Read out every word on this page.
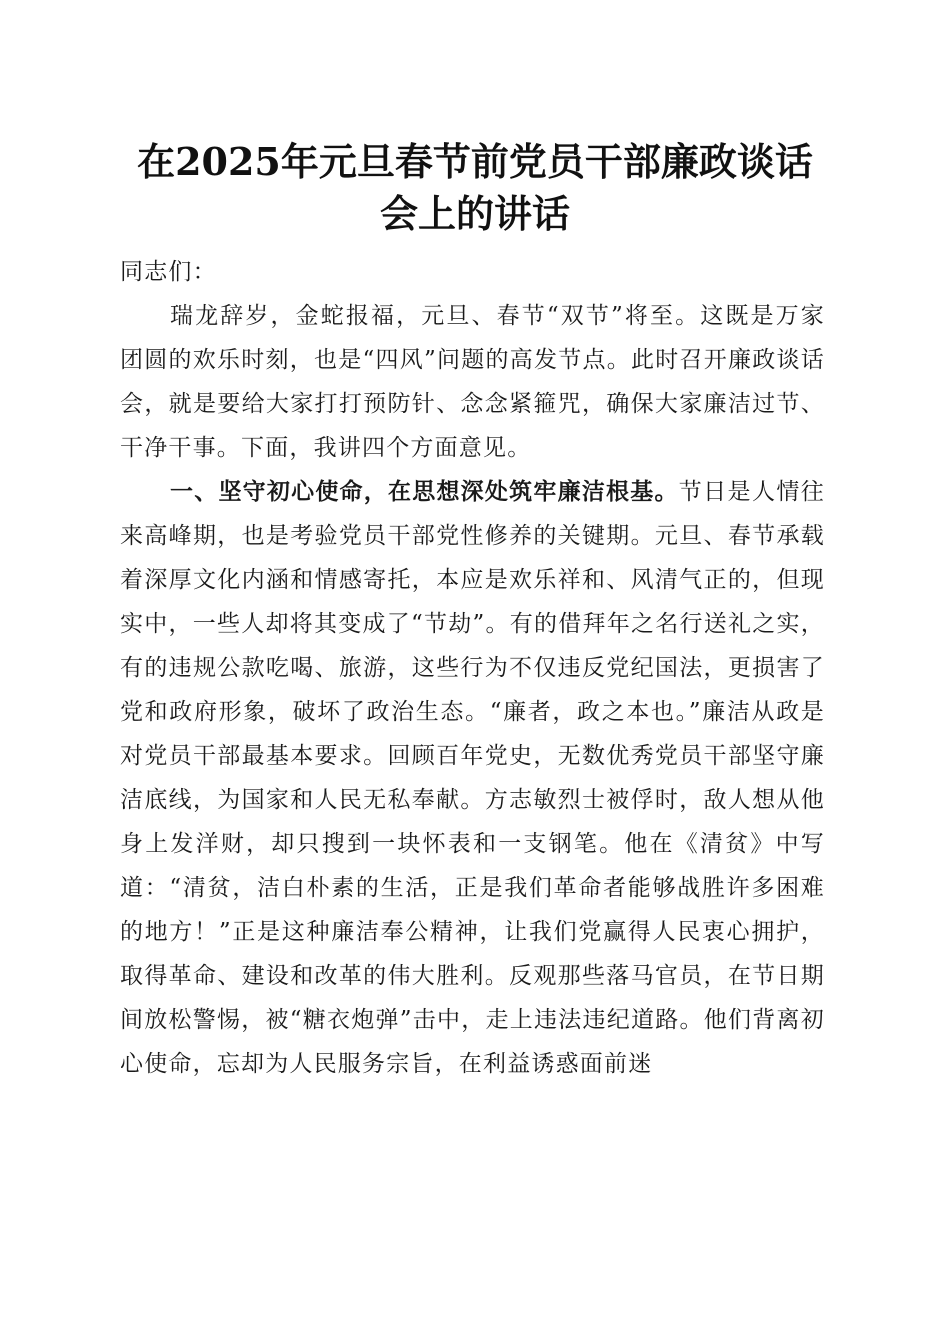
在2025年元旦春节前党员干部廉政谈话会上的讲话

同志们：

瑞龙辞岁，金蛇报福，元旦、春节“双节”将至。这既是万家团圆的欢乐时刻，也是“四风”问题的高发节点。此时召开廉政谈话会，就是要给大家打打预防针、念念紧箍咒，确保大家廉洁过节、干净干事。下面，我讲四个方面意见。

一、坚守初心使命，在思想深处筑牢廉洁根基。节日是人情往来高峰期，也是考验党员干部党性修养的关键期。元旦、春节承载着深厚文化内涵和情感寄托，本应是欢乐祥和、风清气正的，但现实中，一些人却将其变成了“节劫”。有的借拜年之名行送礼之实，有的违规公款吃喝、旅游，这些行为不仅违反党纪国法，更损害了党和政府形象，破坏了政治生态。“廉者，政之本也。”廉洁从政是对党员干部最基本要求。回顾百年党史，无数优秀党员干部坚守廉洁底线，为国家和人民无私奉献。方志敏烈士被俘时，敌人想从他身上发洋财，却只搜到一块怀表和一支钢笔。他在《清贫》中写道：“清贫，洁白朴素的生活，正是我们革命者能够战胜许多困难的地方！”正是这种廉洁奉公精神，让我们党赢得人民衷心拥护，取得革命、建设和改革的伟大胜利。反观那些落马官员，在节日期间放松警惕，被“糖衣炮弹”击中，走上违法违纪道路。他们背离初心使命，忘却为人民服务宗旨，在利益诱惑面前迷
